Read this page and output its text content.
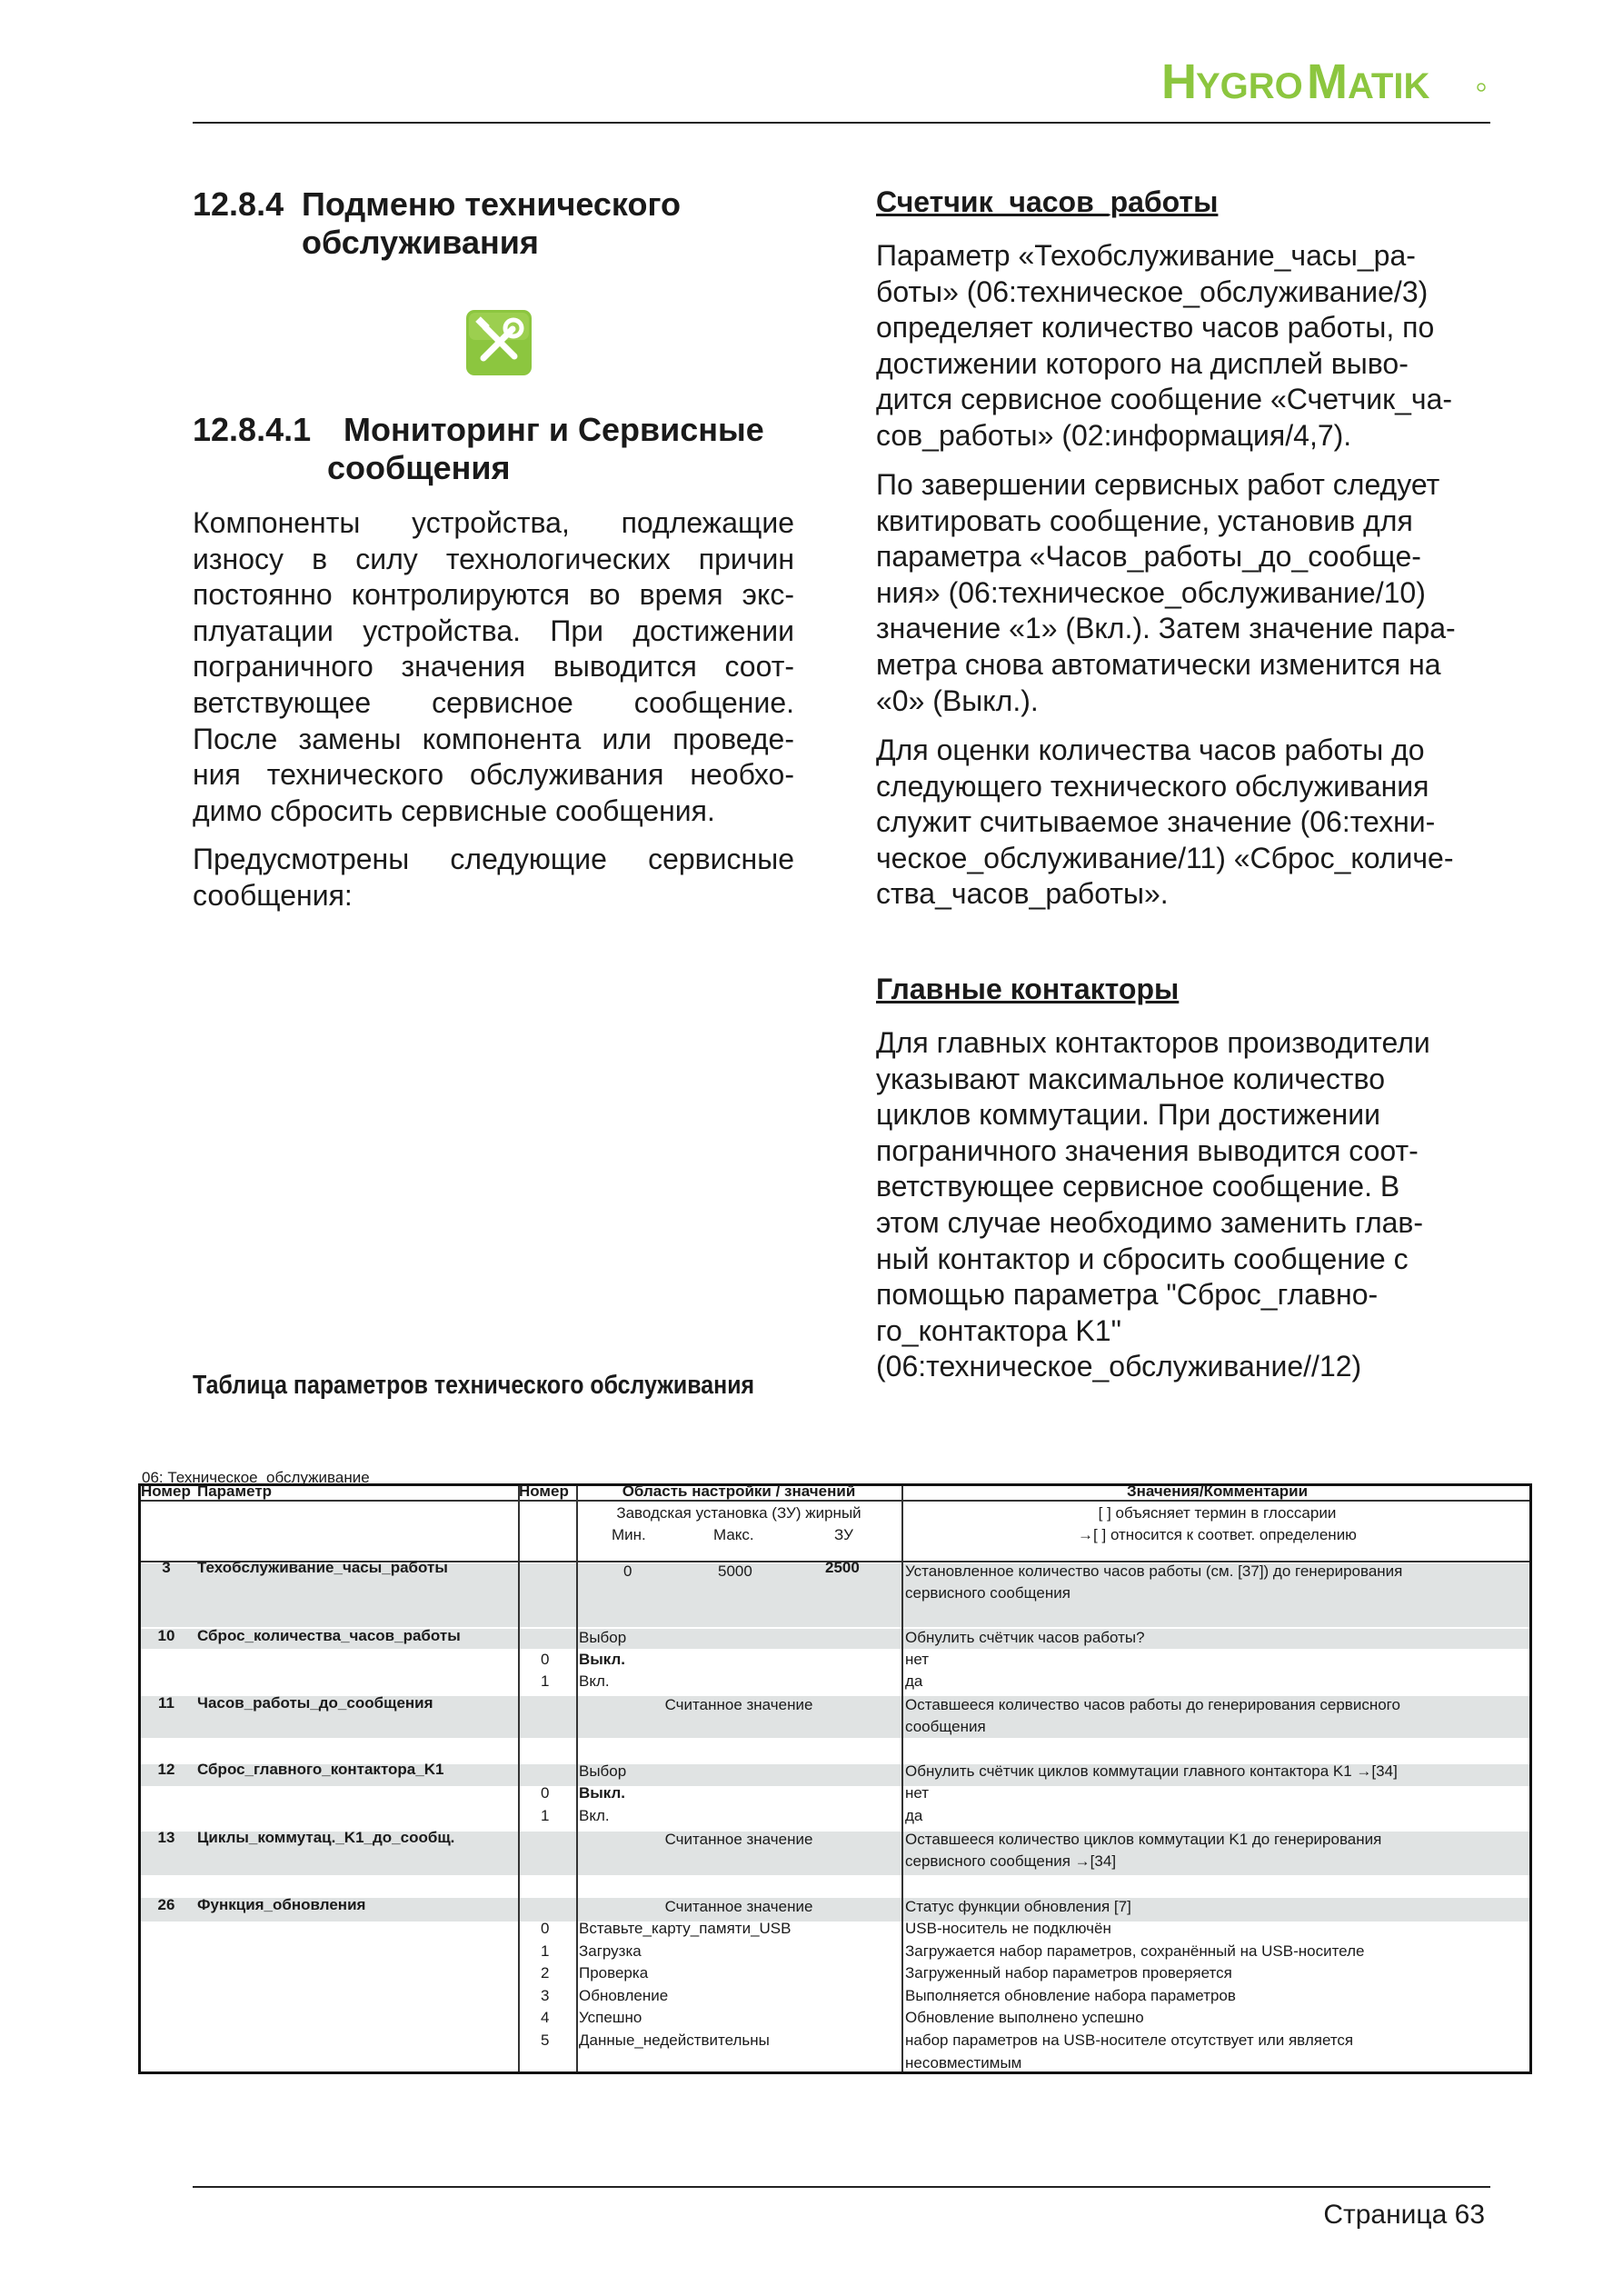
H YGRO M ATIK
12.8.4 Подменю технического
обслуживания
12.8.4.1 Мониторинг и Сервисные
сообщения
Компоненты устройства, подлежащие
износу в силу технологических причин
постоянно контролируются во время экс-
плуатации устройства. При достижении
пограничного значения выводится соот-
ветствующее сервисное сообщение.
После замены компонента или проведе-
ния технического обслуживания необхо-
димо сбросить сервисные сообщения.
Предусмотрены следующие сервисные
сообщения:
Таблица параметров технического обслуживания
Счетчик_часов_работы
Параметр «Техобслуживание_часы_ра-
боты» (06:техническое_обслуживание/3)
определяет количество часов работы, по
достижении которого на дисплей выво-
дится сервисное сообщение «Счетчик_ча-
сов_работы» (02:информация/4,7).
По завершении сервисных работ следует
квитировать сообщение, установив для
параметра «Часов_работы_до_сообще-
ния» (06:техническое_обслуживание/10)
значение «1» (Вкл.). Затем значение пара-
метра снова автоматически изменится на
«0» (Выкл.).
Для оценки количества часов работы до
следующего технического обслуживания
служит считываемое значение (06:техни-
ческое_обслуживание/11) «Сброс_количе-
ства_часов_работы».
Главные контакторы
Для главных контакторов производители
указывают максимальное количество
циклов коммутации. При достижении
пограничного значения выводится соот-
ветствующее сервисное сообщение. В
этом случае необходимо заменить глав-
ный контактор и сбросить сообщение с
помощью параметра "Сброс_главно-
го_контактора K1"
(06:техническое_обслуживание//12)
06: Техническое_обслуживание
Номер Параметр	Номер	Область настройки / значений
Заводская установка (ЗУ) жирный
Мин.	Макс.	ЗУ
Значения/Комментарии
[ ] объясняет термин в глоссарии
→[ ] относится к соответ. определению
3	Техобслуживание_часы_работы	0	5000	2500	Установленное количество часов работы (см. [37]) до генерирования
сервисного сообщения
10	Сброс_количества_часов_работы	Выбор	Обнулить счётчик часов работы?
0 Выкл.	нет
1 Вкл.	да
11	Часов_работы_до_сообщения	Считанное значение	Оставшееся количество часов работы до генерирования сервисного
сообщения
12	Сброс_главного_контактора_K1	Выбор	Обнулить счётчик циклов коммутации главного контактора K1 →[34]
0 Выкл.	нет
1 Вкл.	да
13	Циклы_коммутац._K1_до_сообщ.	Считанное значение	Оставшееся количество циклов коммутации K1 до генерирования
сервисного сообщения →[34]
26	Функция_обновления	Считанное значение	Статус функции обновления [7]
0 Вставьте_карту_памяти_USB	USB-носитель не подключён
1 Загрузка	Загружается набор параметров, сохранённый на USB-носителе
2 Проверка	Загруженный набор параметров проверяется
3 Обновление	Выполняется обновление набора параметров
4 Успешно	Обновление выполнено успешно
5 Данные_недействительны	набор параметров на USB-носителе отсутствует или является
несовместимым
Страница 63
